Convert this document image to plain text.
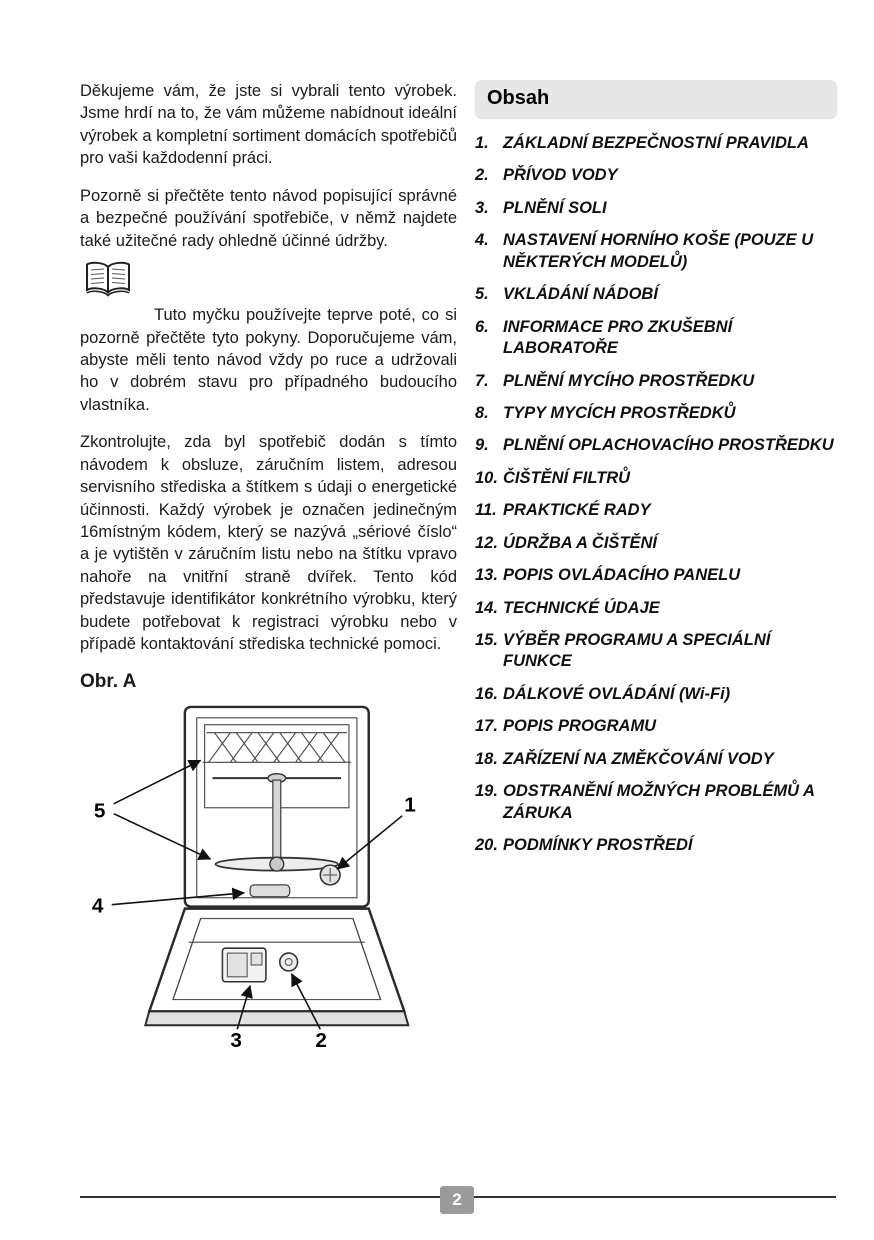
Děkujeme vám, že jste si vybrali tento výrobek. Jsme hrdí na to, že vám můžeme nabídnout ideální výrobek a kompletní sortiment domácích spotřebičů pro vaši každodenní práci.

Pozorně si přečtěte tento návod popisující správné a bezpečné používání spotřebiče, v němž najdete také užitečné rady ohledně účinné údržby.

Tuto myčku používejte teprve poté, co si pozorně přečtěte tyto pokyny. Doporučujeme vám, abyste měli tento návod vždy po ruce a udržovali ho v dobrém stavu pro případného budoucího vlastníka.

Zkontrolujte, zda byl spotřebič dodán s tímto návodem k obsluze, záručním listem, adresou servisního střediska a štítkem s údaji o energetické účinnosti. Každý výrobek je označen jedinečným 16místným kódem, který se nazývá „sériové číslo“ a je vytištěn v záručním listu nebo na štítku vpravo nahoře na vnitřní straně dvířek. Tento kód představuje identifikátor konkrétního výrobku, který budete potřebovat k registraci výrobku nebo v případě kontaktování střediska technické pomoci.

Obr. A
5
4
1
3	2
Obsah
1. ZÁKLADNÍ BEZPEČNOSTNÍ PRAVIDLA
2. PŘÍVOD VODY
3. PLNĚNÍ SOLI
4. NASTAVENÍ HORNÍHO KOŠE (POUZE U NĚKTERÝCH MODELŮ)
5. VKLÁDÁNÍ NÁDOBÍ
6. INFORMACE PRO ZKUŠEBNÍ LABORATOŘE
7. PLNĚNÍ MYCÍHO PROSTŘEDKU
8. TYPY MYCÍCH PROSTŘEDKŮ
9. PLNĚNÍ OPLACHOVACÍHO PROSTŘEDKU
10. ČIŠTĚNÍ FILTRŮ
11. PRAKTICKÉ RADY
12. ÚDRŽBA A ČIŠTĚNÍ
13. POPIS OVLÁDACÍHO PANELU
14. TECHNICKÉ ÚDAJE
15. VÝBĚR PROGRAMU A SPECIÁLNÍ FUNKCE
16. DÁLKOVÉ OVLÁDÁNÍ (Wi-Fi)
17. POPIS PROGRAMU
18. ZAŘÍZENÍ NA ZMĚKČOVÁNÍ VODY
19. ODSTRANĚNÍ MOŽNÝCH PROBLÉMŮ A ZÁRUKA
20. PODMÍNKY PROSTŘEDÍ
2
